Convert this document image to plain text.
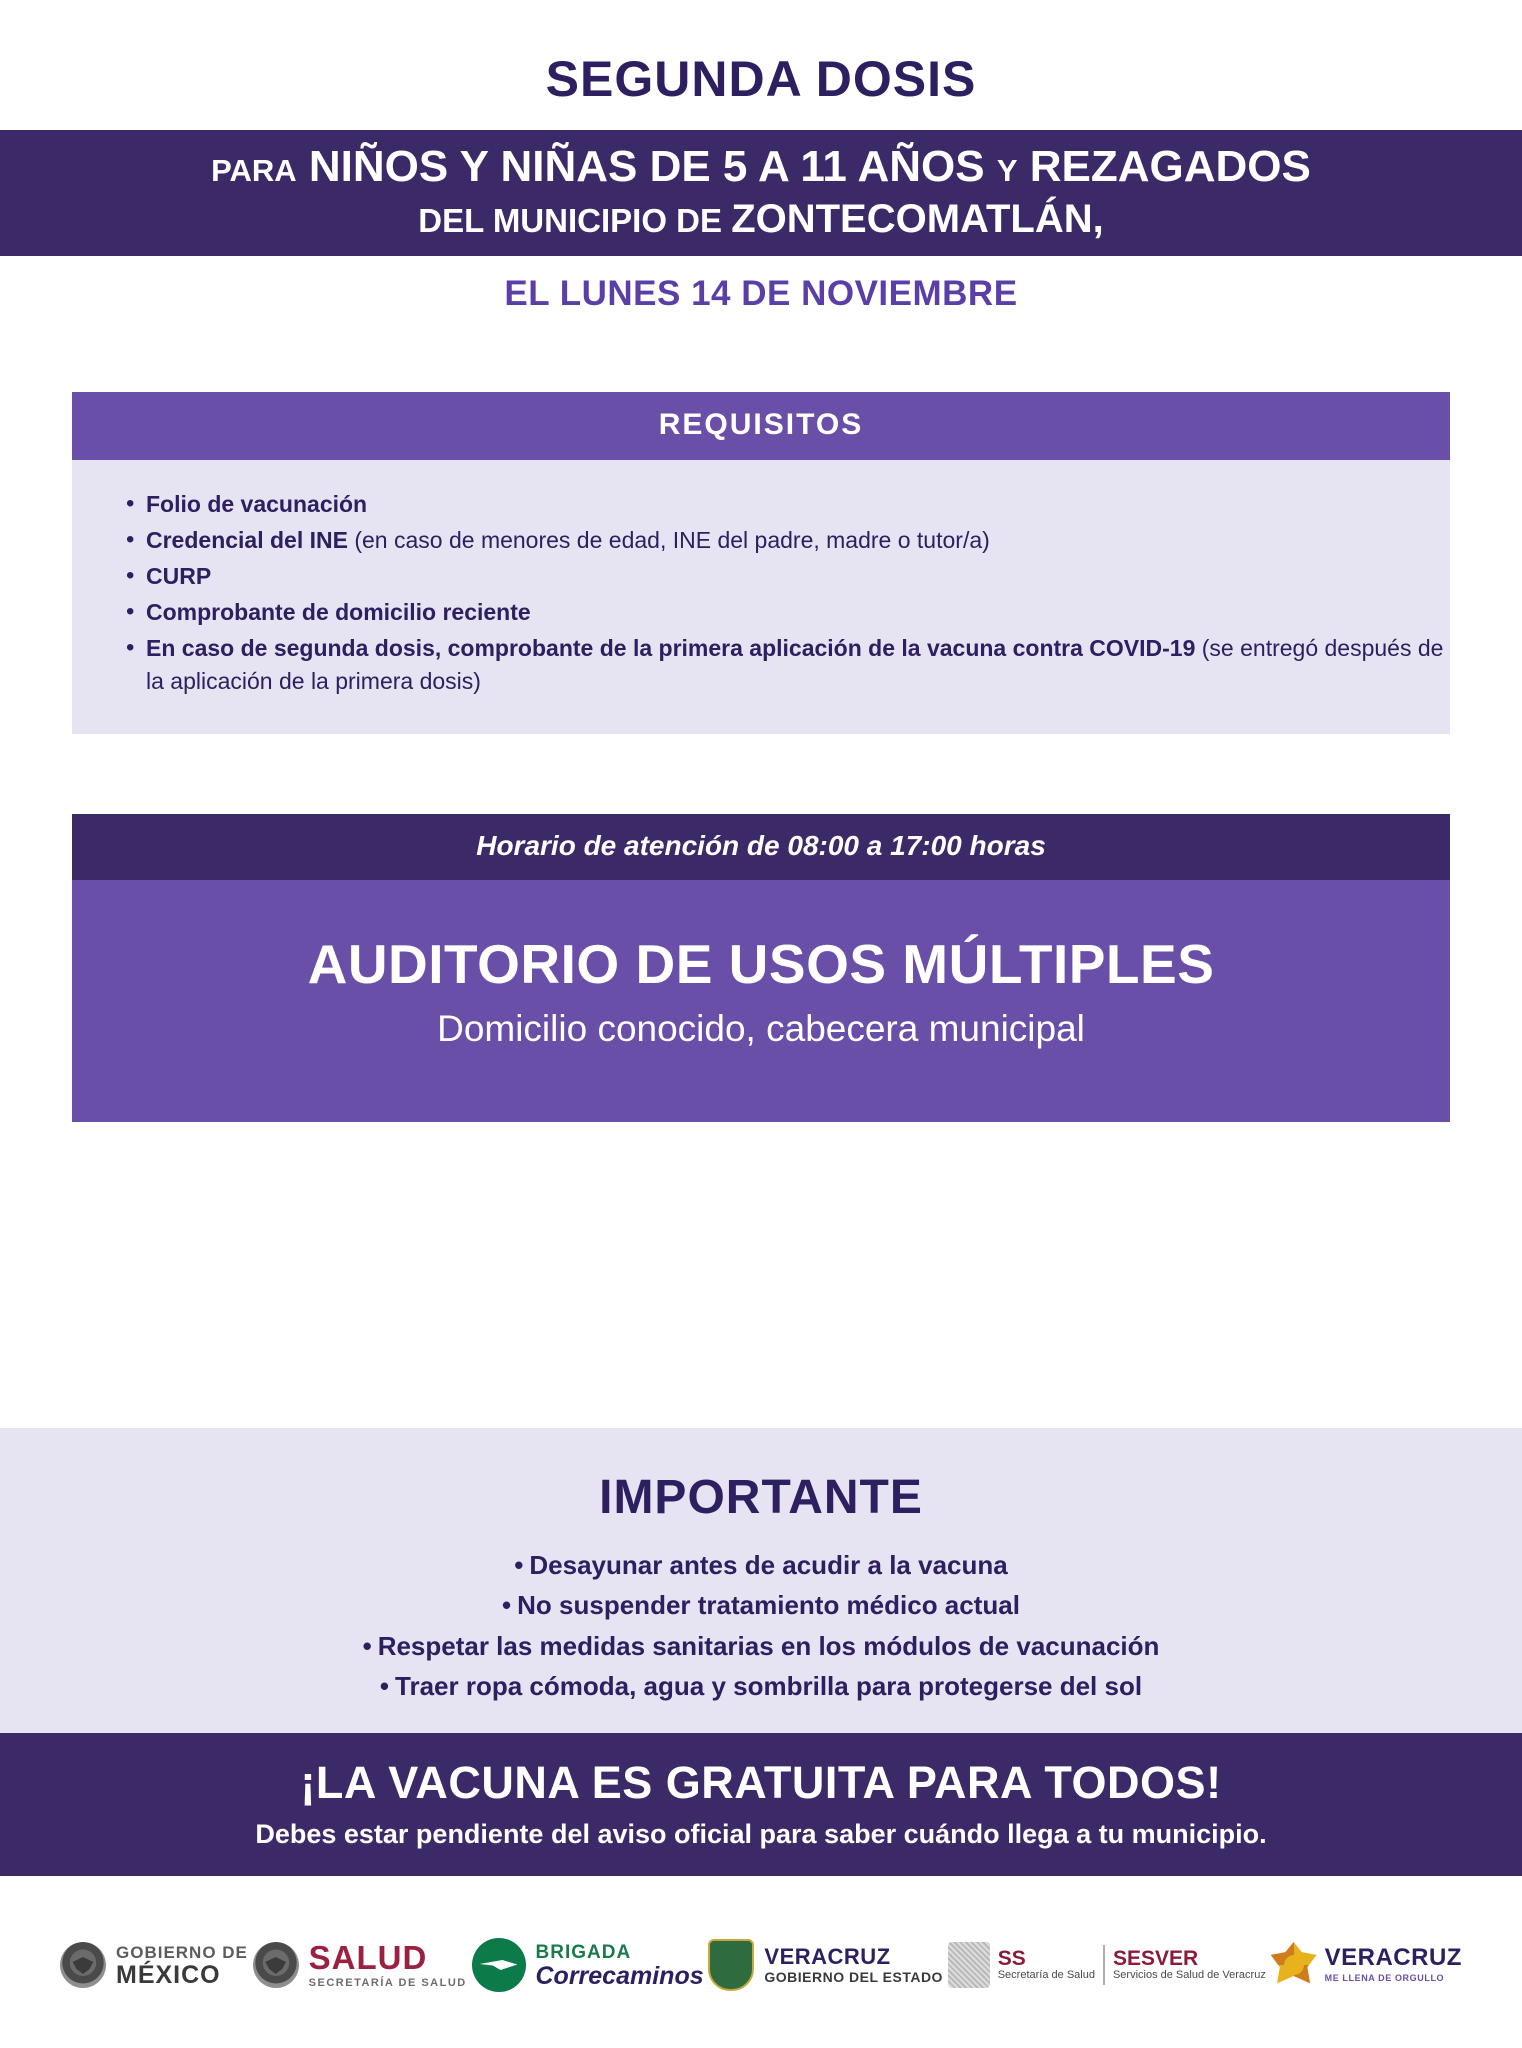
SEGUNDA DOSIS
PARA NIÑOS Y NIÑAS DE 5 A 11 AÑOS Y REZAGADOS
DEL MUNICIPIO DE ZONTECOMATLÁN,
EL LUNES 14 DE NOVIEMBRE
REQUISITOS
• Folio de vacunación
• Credencial del INE (en caso de menores de edad, INE del padre, madre o tutor/a)
• CURP
• Comprobante de domicilio reciente
• En caso de segunda dosis, comprobante de la primera aplicación de la vacuna contra COVID-19 (se entregó después de la aplicación de la primera dosis)
Horario de atención de 08:00 a 17:00 horas
AUDITORIO DE USOS MÚLTIPLES
Domicilio conocido, cabecera municipal
IMPORTANTE
• Desayunar antes de acudir a la vacuna
• No suspender tratamiento médico actual
• Respetar las medidas sanitarias en los módulos de vacunación
• Traer ropa cómoda, agua y sombrilla para protegerse del sol
¡LA VACUNA ES GRATUITA PARA TODOS!
Debes estar pendiente del aviso oficial para saber cuándo llega a tu municipio.
GOBIERNO DE
MÉXICO	SALUD
SECRETARÍA DE SALUD
BRIGADA
Correcaminos
VERACRUZ
GOBIERNO DEL ESTADO
SS
Secretaría de Salud
SESVER
Servicios de Salud de Veracruz
VERACRUZ
ME LLENA DE ORGULLO
